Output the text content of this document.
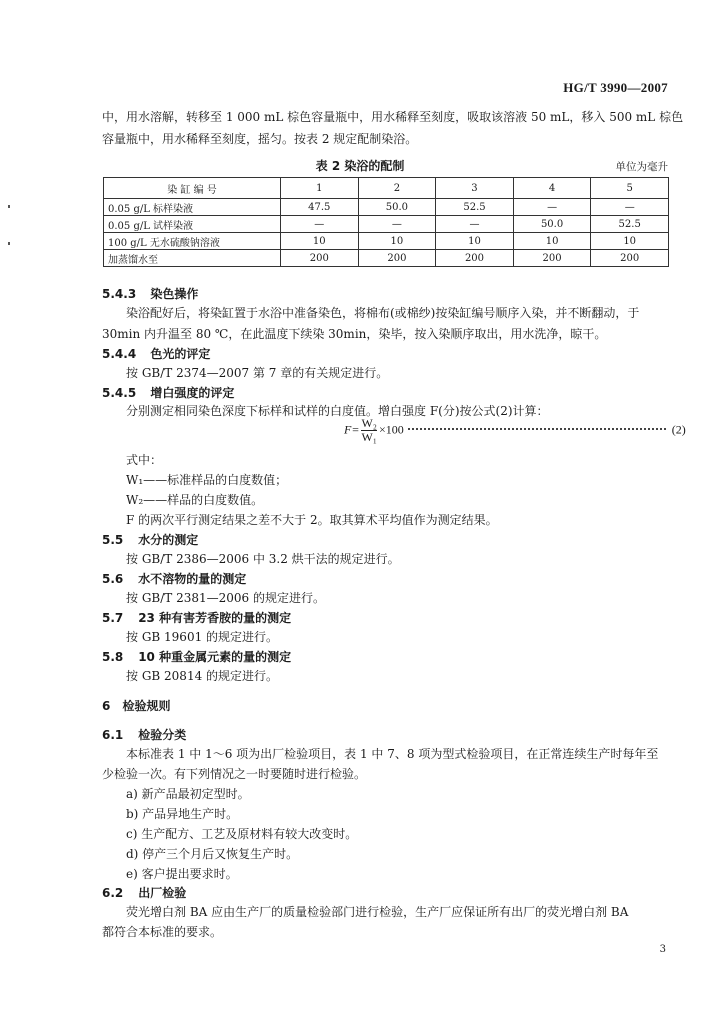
HG/T 3990—2007
中，用水溶解，转移至 1 000 mL 棕色容量瓶中，用水稀释至刻度，吸取该溶液 50 mL，移入 500 mL 棕色
容量瓶中，用水稀释至刻度，摇匀。按表 2 规定配制染浴。
表 2 染浴的配制	单位为毫升
染 缸 编 号	1	2	3	4	5
0.05 g/L 标样染液	47.5	50.0	52.5	—	—
0.05 g/L 试样染液	—	—	—	50.0	52.5
100 g/L 无水硫酸钠溶液	10	10	10	10	10
加蒸馏水至	200	200	200	200	200
5.4.3 染色操作
染浴配好后，将染缸置于水浴中准备染色，将棉布(或棉纱)按染缸编号顺序入染，并不断翻动，于
30min 内升温至 80 ℃，在此温度下续染 30min，染毕，按入染顺序取出，用水洗净，晾干。
5.4.4 色光的评定
按 GB/T 2374—2007 第 7 章的有关规定进行。
5.4.5 增白强度的评定
分别测定相同染色深度下标样和试样的白度值。增白强度 F(分)按公式(2)计算：
$F= \frac{\text{W₂}}{\text{W₁}} \times 100$	(2)
式中：
W₁——标准样品的白度数值；
W₂——样品的白度数值。
F 的两次平行测定结果之差不大于 2。取其算术平均值作为测定结果。
5.5 水分的测定
按 GB/T 2386—2006 中 3.2 烘干法的规定进行。
5.6 水不溶物的量的测定
按 GB/T 2381—2006 的规定进行。
5.7 23 种有害芳香胺的量的测定
按 GB 19601 的规定进行。
5.8 10 种重金属元素的量的测定
按 GB 20814 的规定进行。
6 检验规则
6.1 检验分类
本标准表 1 中 1～6 项为出厂检验项目，表 1 中 7、8 项为型式检验项目，在正常连续生产时每年至
少检验一次。有下列情况之一时要随时进行检验。
a) 新产品最初定型时。
b) 产品异地生产时。
c) 生产配方、工艺及原材料有较大改变时。
d) 停产三个月后又恢复生产时。
e) 客户提出要求时。
6.2 出厂检验
荧光增白剂 BA 应由生产厂的质量检验部门进行检验，生产厂应保证所有出厂的荧光增白剂 BA
都符合本标准的要求。
3
